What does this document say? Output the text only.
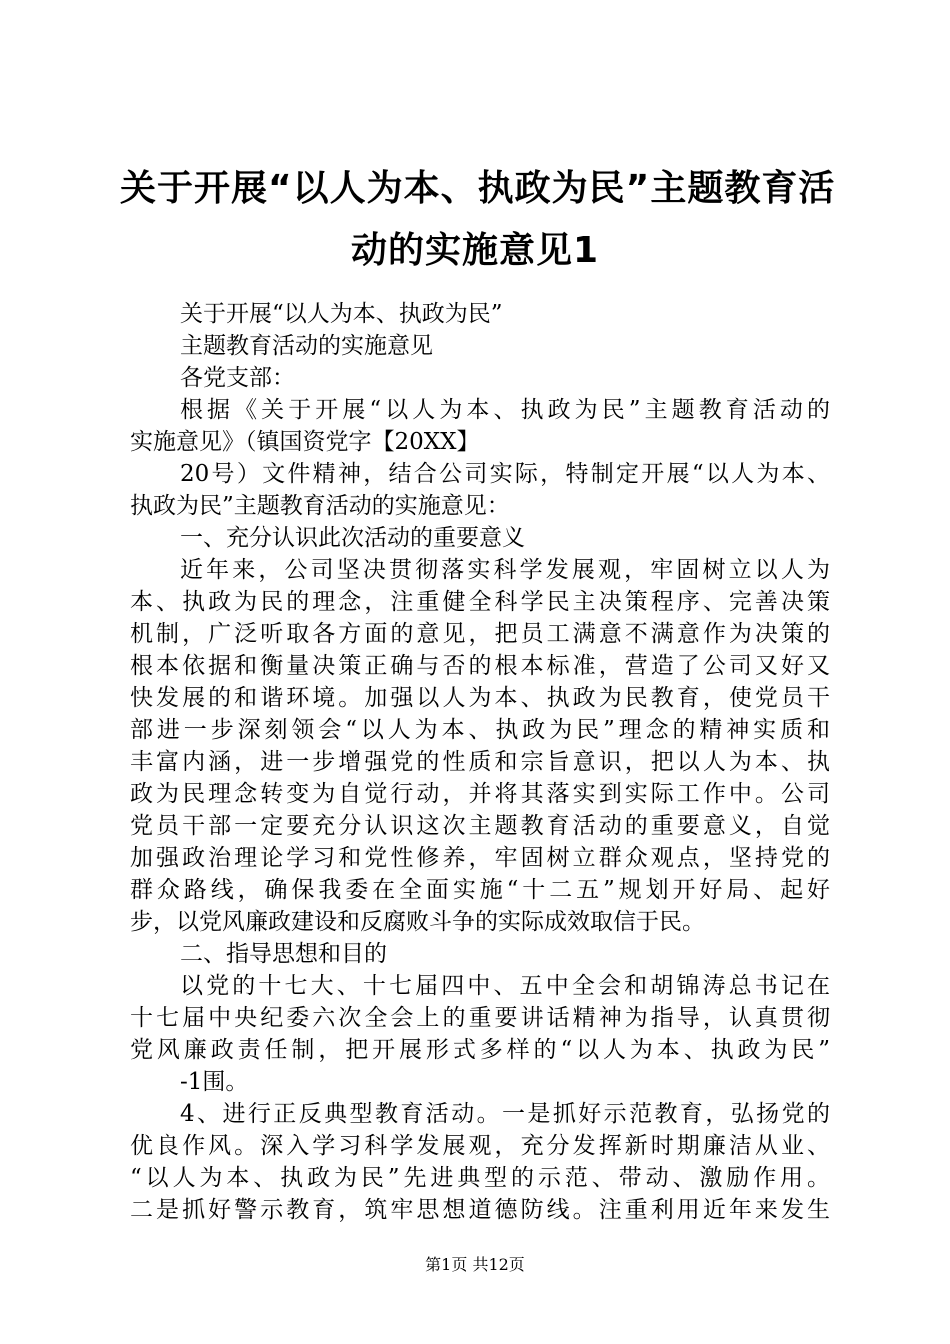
关于开展“以人为本、执政为民”主题教育活
动的实施意见1
关于开展“以人为本、执政为民”
主题教育活动的实施意见
各党支部：
根据《关于开展“以人为本、执政为民”主题教育活动的
实施意见》（镇国资党字【20XX】
20号）文件精神，结合公司实际，特制定开展“以人为本、
执政为民”主题教育活动的实施意见：
一、充分认识此次活动的重要意义
近年来，公司坚决贯彻落实科学发展观，牢固树立以人为
本、执政为民的理念，注重健全科学民主决策程序、完善决策
机制，广泛听取各方面的意见，把员工满意不满意作为决策的
根本依据和衡量决策正确与否的根本标准，营造了公司又好又
快发展的和谐环境。加强以人为本、执政为民教育，使党员干
部进一步深刻领会“以人为本、执政为民”理念的精神实质和
丰富内涵，进一步增强党的性质和宗旨意识，把以人为本、执
政为民理念转变为自觉行动，并将其落实到实际工作中。公司
党员干部一定要充分认识这次主题教育活动的重要意义，自觉
加强政治理论学习和党性修养，牢固树立群众观点，坚持党的
群众路线，确保我委在全面实施“十二五”规划开好局、起好
步，以党风廉政建设和反腐败斗争的实际成效取信于民。
二、指导思想和目的
以党的十七大、十七届四中、五中全会和胡锦涛总书记在
十七届中央纪委六次全会上的重要讲话精神为指导，认真贯彻
党风廉政责任制，把开展形式多样的“以人为本、执政为民”
-1围。
4、进行正反典型教育活动。一是抓好示范教育，弘扬党的
优良作风。深入学习科学发展观，充分发挥新时期廉洁从业、
“以人为本、执政为民”先进典型的示范、带动、激励作用。
二是抓好警示教育，筑牢思想道德防线。注重利用近年来发生
第1页 共12页
